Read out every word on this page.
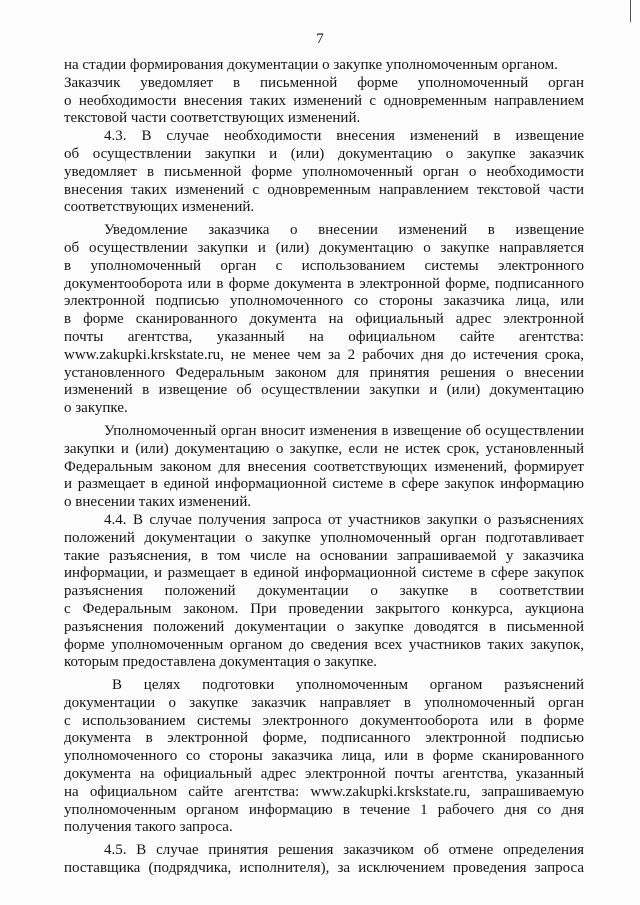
7
на стадии формирования документации о закупке уполномоченным органом.
Заказчик уведомляет в письменной форме уполномоченный орган
о необходимости внесения таких изменений с одновременным направлением
текстовой части соответствующих изменений.
4.3. В случае необходимости внесения изменений в извещение
об осуществлении закупки и (или) документацию о закупке заказчик
уведомляет в письменной форме уполномоченный орган о необходимости
внесения таких изменений с одновременным направлением текстовой части
соответствующих изменений.
Уведомление заказчика о внесении изменений в извещение
об осуществлении закупки и (или) документацию о закупке направляется
в уполномоченный орган с использованием системы электронного
документооборота или в форме документа в электронной форме, подписанного
электронной подписью уполномоченного со стороны заказчика лица, или
в форме сканированного документа на официальный адрес электронной
почты агентства, указанный на официальном сайте агентства:
www.zakupki.krskstate.ru, не менее чем за 2 рабочих дня до истечения срока,
установленного Федеральным законом для принятия решения о внесении
изменений в извещение об осуществлении закупки и (или) документацию
о закупке.
Уполномоченный орган вносит изменения в извещение об осуществлении
закупки и (или) документацию о закупке, если не истек срок, установленный
Федеральным законом для внесения соответствующих изменений, формирует
и размещает в единой информационной системе в сфере закупок информацию
о внесении таких изменений.
4.4. В случае получения запроса от участников закупки о разъяснениях
положений документации о закупке уполномоченный орган подготавливает
такие разъяснения, в том числе на основании запрашиваемой у заказчика
информации, и размещает в единой информационной системе в сфере закупок
разъяснения положений документации о закупке в соответствии
с Федеральным законом. При проведении закрытого конкурса, аукциона
разъяснения положений документации о закупке доводятся в письменной
форме уполномоченным органом до сведения всех участников таких закупок,
которым предоставлена документация о закупке.
В целях подготовки уполномоченным органом разъяснений
документации о закупке заказчик направляет в уполномоченный орган
с использованием системы электронного документооборота или в форме
документа в электронной форме, подписанного электронной подписью
уполномоченного со стороны заказчика лица, или в форме сканированного
документа на официальный адрес электронной почты агентства, указанный
на официальном сайте агентства: www.zakupki.krskstate.ru, запрашиваемую
уполномоченным органом информацию в течение 1 рабочего дня со дня
получения такого запроса.
4.5. В случае принятия решения заказчиком об отмене определения
поставщика (подрядчика, исполнителя), за исключением проведения запроса
